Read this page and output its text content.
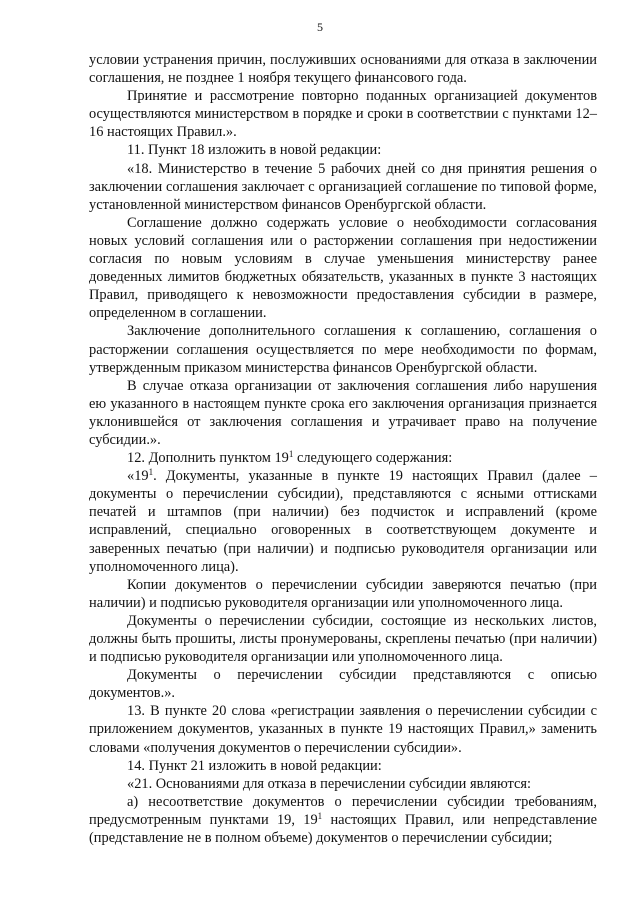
5

условии устранения причин, послуживших основаниями для отказа в заключении соглашения, не позднее 1 ноября текущего финансового года.

Принятие и рассмотрение повторно поданных организацией документов осуществляются министерством в порядке и сроки в соответствии с пунктами 12–16 настоящих Правил.».

11. Пункт 18 изложить в новой редакции:

«18. Министерство в течение 5 рабочих дней со дня принятия решения о заключении соглашения заключает с организацией соглашение по типовой форме, установленной министерством финансов Оренбургской области.

Соглашение должно содержать условие о необходимости согласования новых условий соглашения или о расторжении соглашения при недостижении согласия по новым условиям в случае уменьшения министерству ранее доведенных лимитов бюджетных обязательств, указанных в пункте 3 настоящих Правил, приводящего к невозможности предоставления субсидии в размере, определенном в соглашении.

Заключение дополнительного соглашения к соглашению, соглашения о расторжении соглашения осуществляется по мере необходимости по формам, утвержденным приказом министерства финансов Оренбургской области.

В случае отказа организации от заключения соглашения либо нарушения ею указанного в настоящем пункте срока его заключения организация признается уклонившейся от заключения соглашения и утрачивает право на получение субсидии.».

12. Дополнить пунктом $19^1$ следующего содержания:

«$19^1$. Документы, указанные в пункте 19 настоящих Правил (далее – документы о перечислении субсидии), представляются с ясными оттисками печатей и штампов (при наличии) без подчисток и исправлений (кроме исправлений, специально оговоренных в соответствующем документе и заверенных печатью (при наличии) и подписью руководителя организации или уполномоченного лица).

Копии документов о перечислении субсидии заверяются печатью (при наличии) и подписью руководителя организации или уполномоченного лица.

Документы о перечислении субсидии, состоящие из нескольких листов, должны быть прошиты, листы пронумерованы, скреплены печатью (при наличии) и подписью руководителя организации или уполномоченного лица.

Документы о перечислении субсидии представляются с описью документов.».

13. В пункте 20 слова «регистрации заявления о перечислении субсидии с приложением документов, указанных в пункте 19 настоящих Правил,» заменить словами «получения документов о перечислении субсидии».

14. Пункт 21 изложить в новой редакции:

«21. Основаниями для отказа в перечислении субсидии являются:

а) несоответствие документов о перечислении субсидии требованиям, предусмотренным пунктами 19, $19^1$ настоящих Правил, или непредставление (представление не в полном объеме) документов о перечислении субсидии;
